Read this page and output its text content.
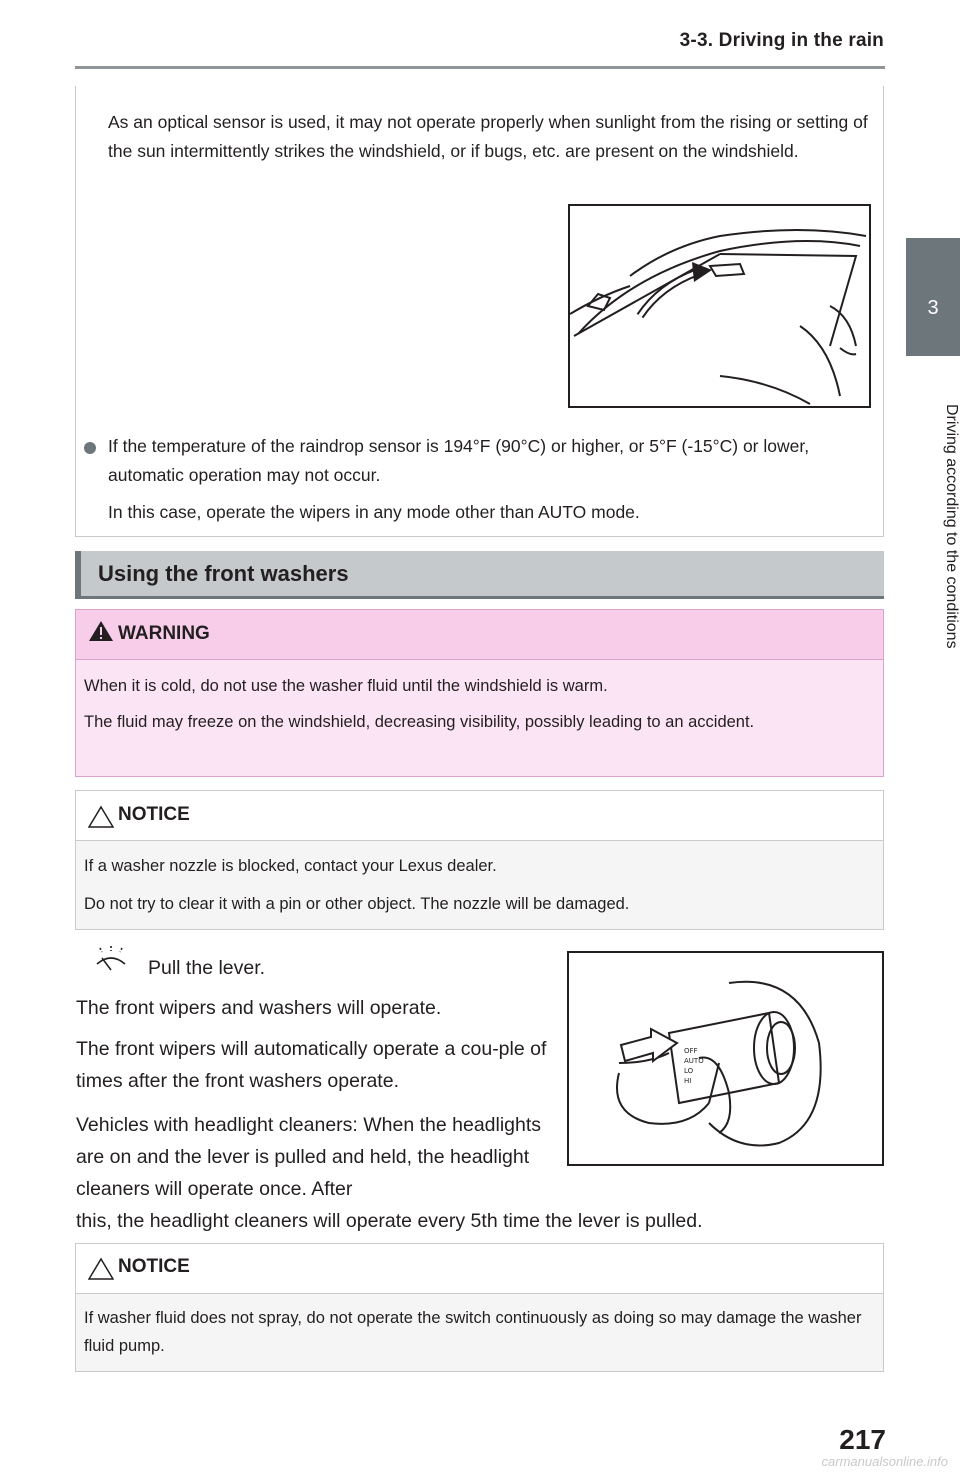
3-3. Driving in the rain
3
Driving according to the conditions
As an optical sensor is used, it may not operate properly when sunlight from the rising or setting of the sun intermittently strikes the windshield, or if bugs, etc. are present on the windshield.
If the temperature of the raindrop sensor is 194°F (90°C) or higher, or 5°F (-15°C) or lower, automatic operation may not occur.
In this case, operate the wipers in any mode other than AUTO mode.
Using the front washers
WARNING
When it is cold, do not use the washer fluid until the windshield is warm.
The fluid may freeze on the windshield, decreasing visibility, possibly leading to an accident.
NOTICE
If a washer nozzle is blocked, contact your Lexus dealer.
Do not try to clear it with a pin or other object. The nozzle will be damaged.
Pull the lever.
The front wipers and washers will operate.
The front wipers will automatically operate a cou-ple of times after the front washers operate.
Vehicles with headlight cleaners: When the headlights are on and the lever is pulled and held, the headlight cleaners will operate once. After
this, the headlight cleaners will operate every 5th time the lever is pulled.
OFF
AUTO
LO
HI
NOTICE
If washer fluid does not spray, do not operate the switch continuously as doing so may damage the washer fluid pump.
217
carmanualsonline.info
